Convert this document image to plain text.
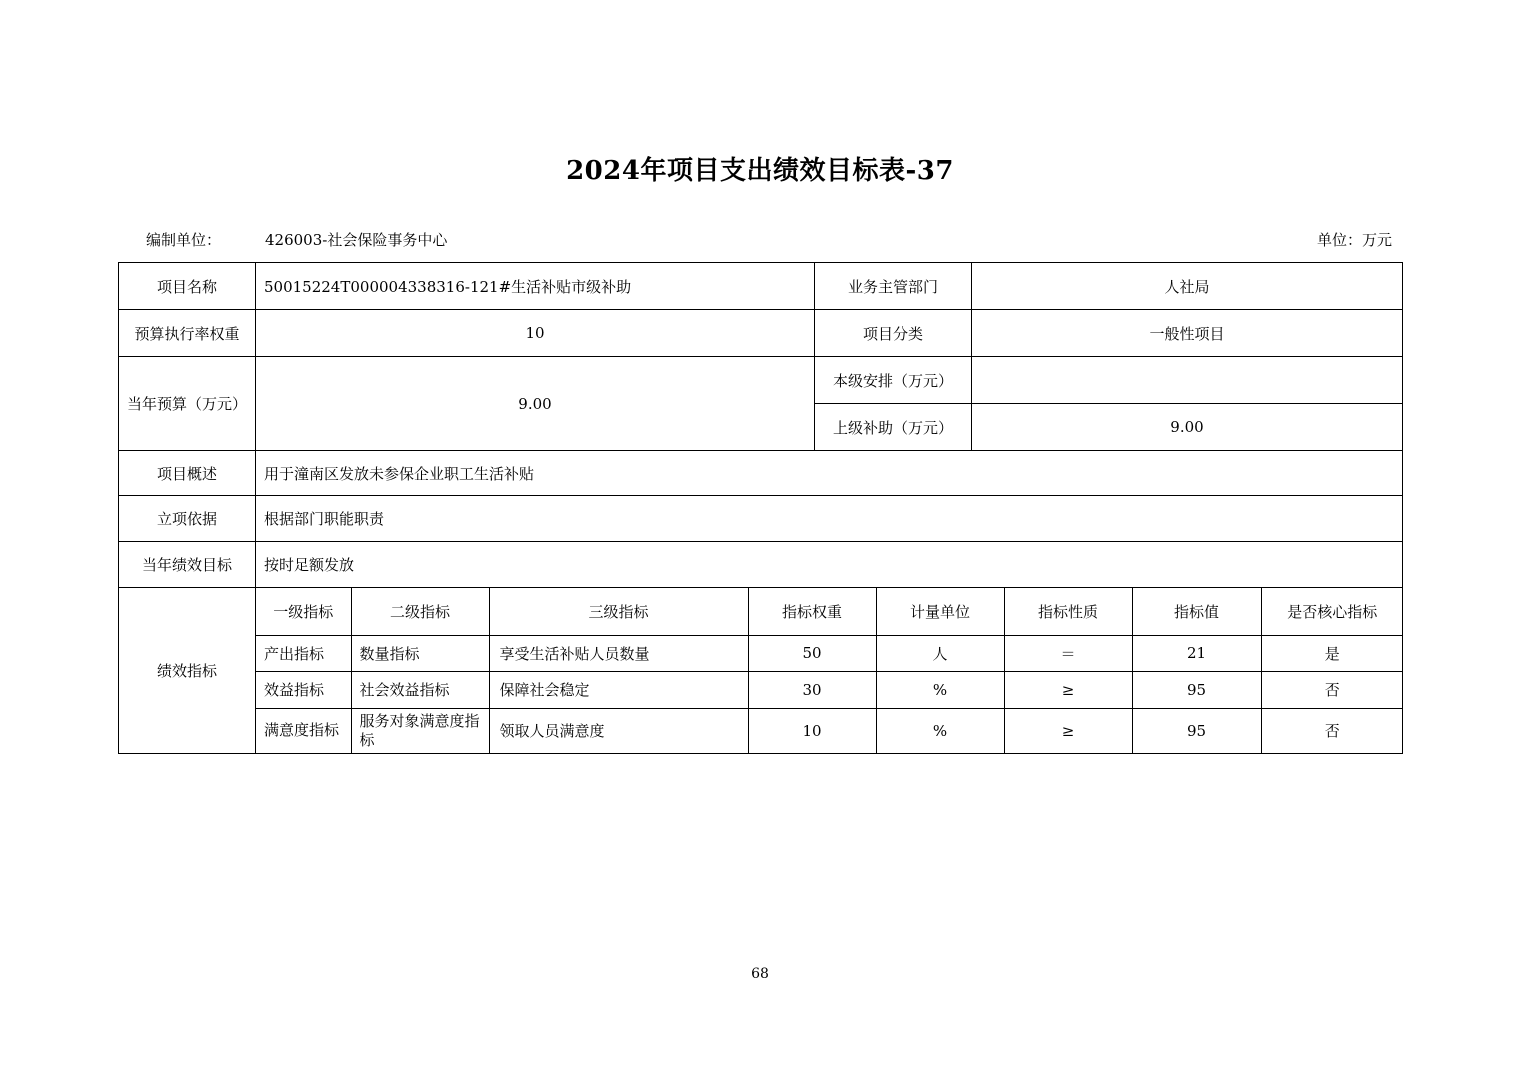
2024年项目支出绩效目标表-37
编制单位：	426003-社会保险事务中心	单位：万元
项目名称	50015224T000004338316-121#生活补贴市级补助	业务主管部门	人社局
预算执行率权重	10	项目分类	一般性项目
当年预算（万元）	9.00	本级安排（万元）	
上级补助（万元）	9.00
项目概述	用于潼南区发放未参保企业职工生活补贴
立项依据	根据部门职能职责
当年绩效目标	按时足额发放
绩效指标	
一级指标	二级指标	三级指标	指标权重	计量单位	指标性质	指标值	是否核心指标
产出指标	数量指标	享受生活补贴人员数量	50	人	＝	21	是
效益指标	社会效益指标	保障社会稳定	30	%	≥	95	否
满意度指标	服务对象满意度指标	领取人员满意度	10	%	≥	95	否
68
